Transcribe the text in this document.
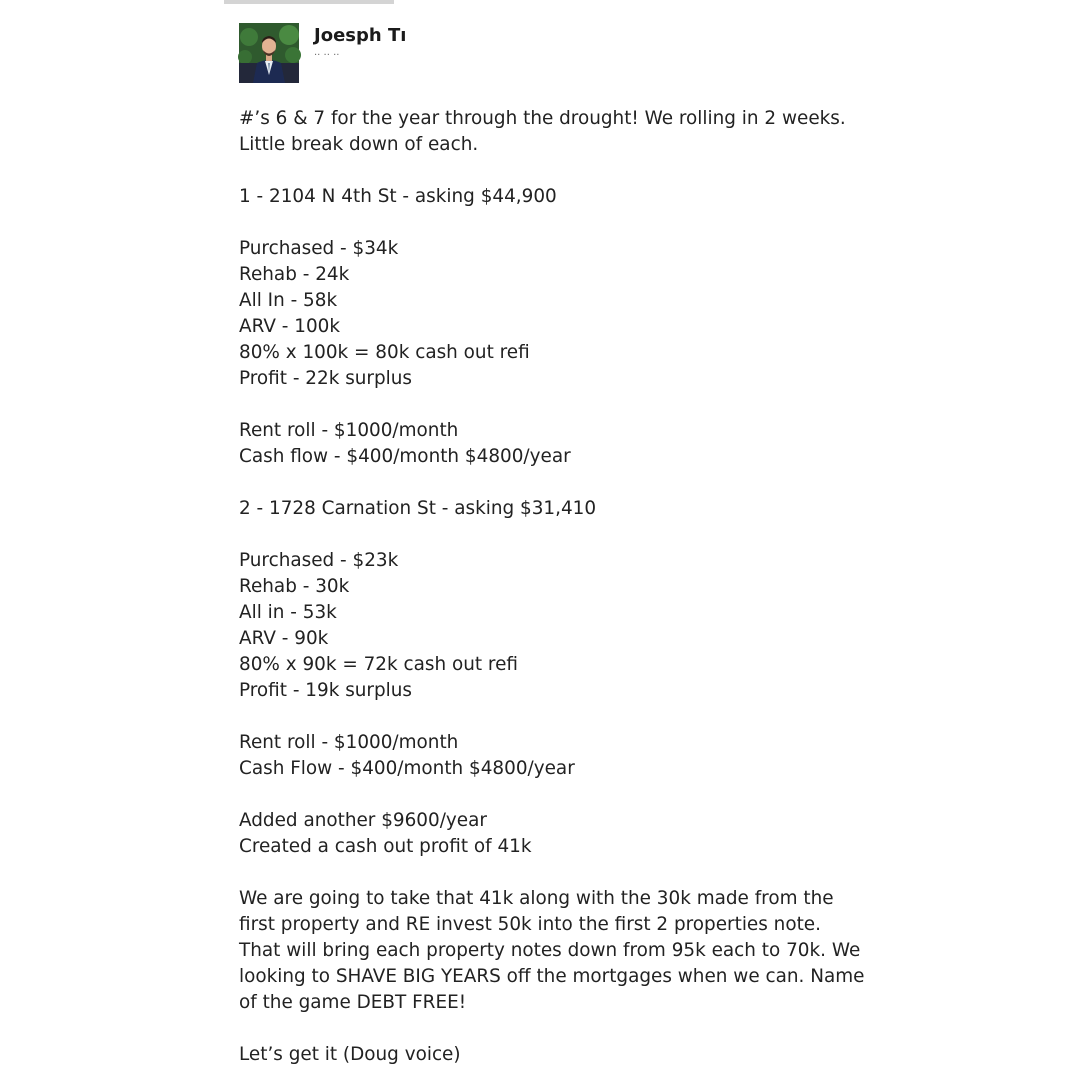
Joesph Tı
·· ·· ··
#’s 6 & 7 for the year through the drought! We rolling in 2 weeks.
Little break down of each.
1 - 2104 N 4th St - asking $44,900
Purchased - $34k
Rehab - 24k
All In - 58k
ARV - 100k
80% x 100k = 80k cash out refi
Profit - 22k surplus
Rent roll - $1000/month
Cash flow - $400/month $4800/year
2 - 1728 Carnation St - asking $31,410
Purchased - $23k
Rehab - 30k
All in - 53k
ARV - 90k
80% x 90k = 72k cash out refi
Profit - 19k surplus
Rent roll - $1000/month
Cash Flow - $400/month $4800/year
Added another $9600/year
Created a cash out profit of 41k
We are going to take that 41k along with the 30k made from the
first property and RE invest 50k into the first 2 properties note.
That will bring each property notes down from 95k each to 70k. We
looking to SHAVE BIG YEARS off the mortgages when we can. Name
of the game DEBT FREE!
Let’s get it (Doug voice)
